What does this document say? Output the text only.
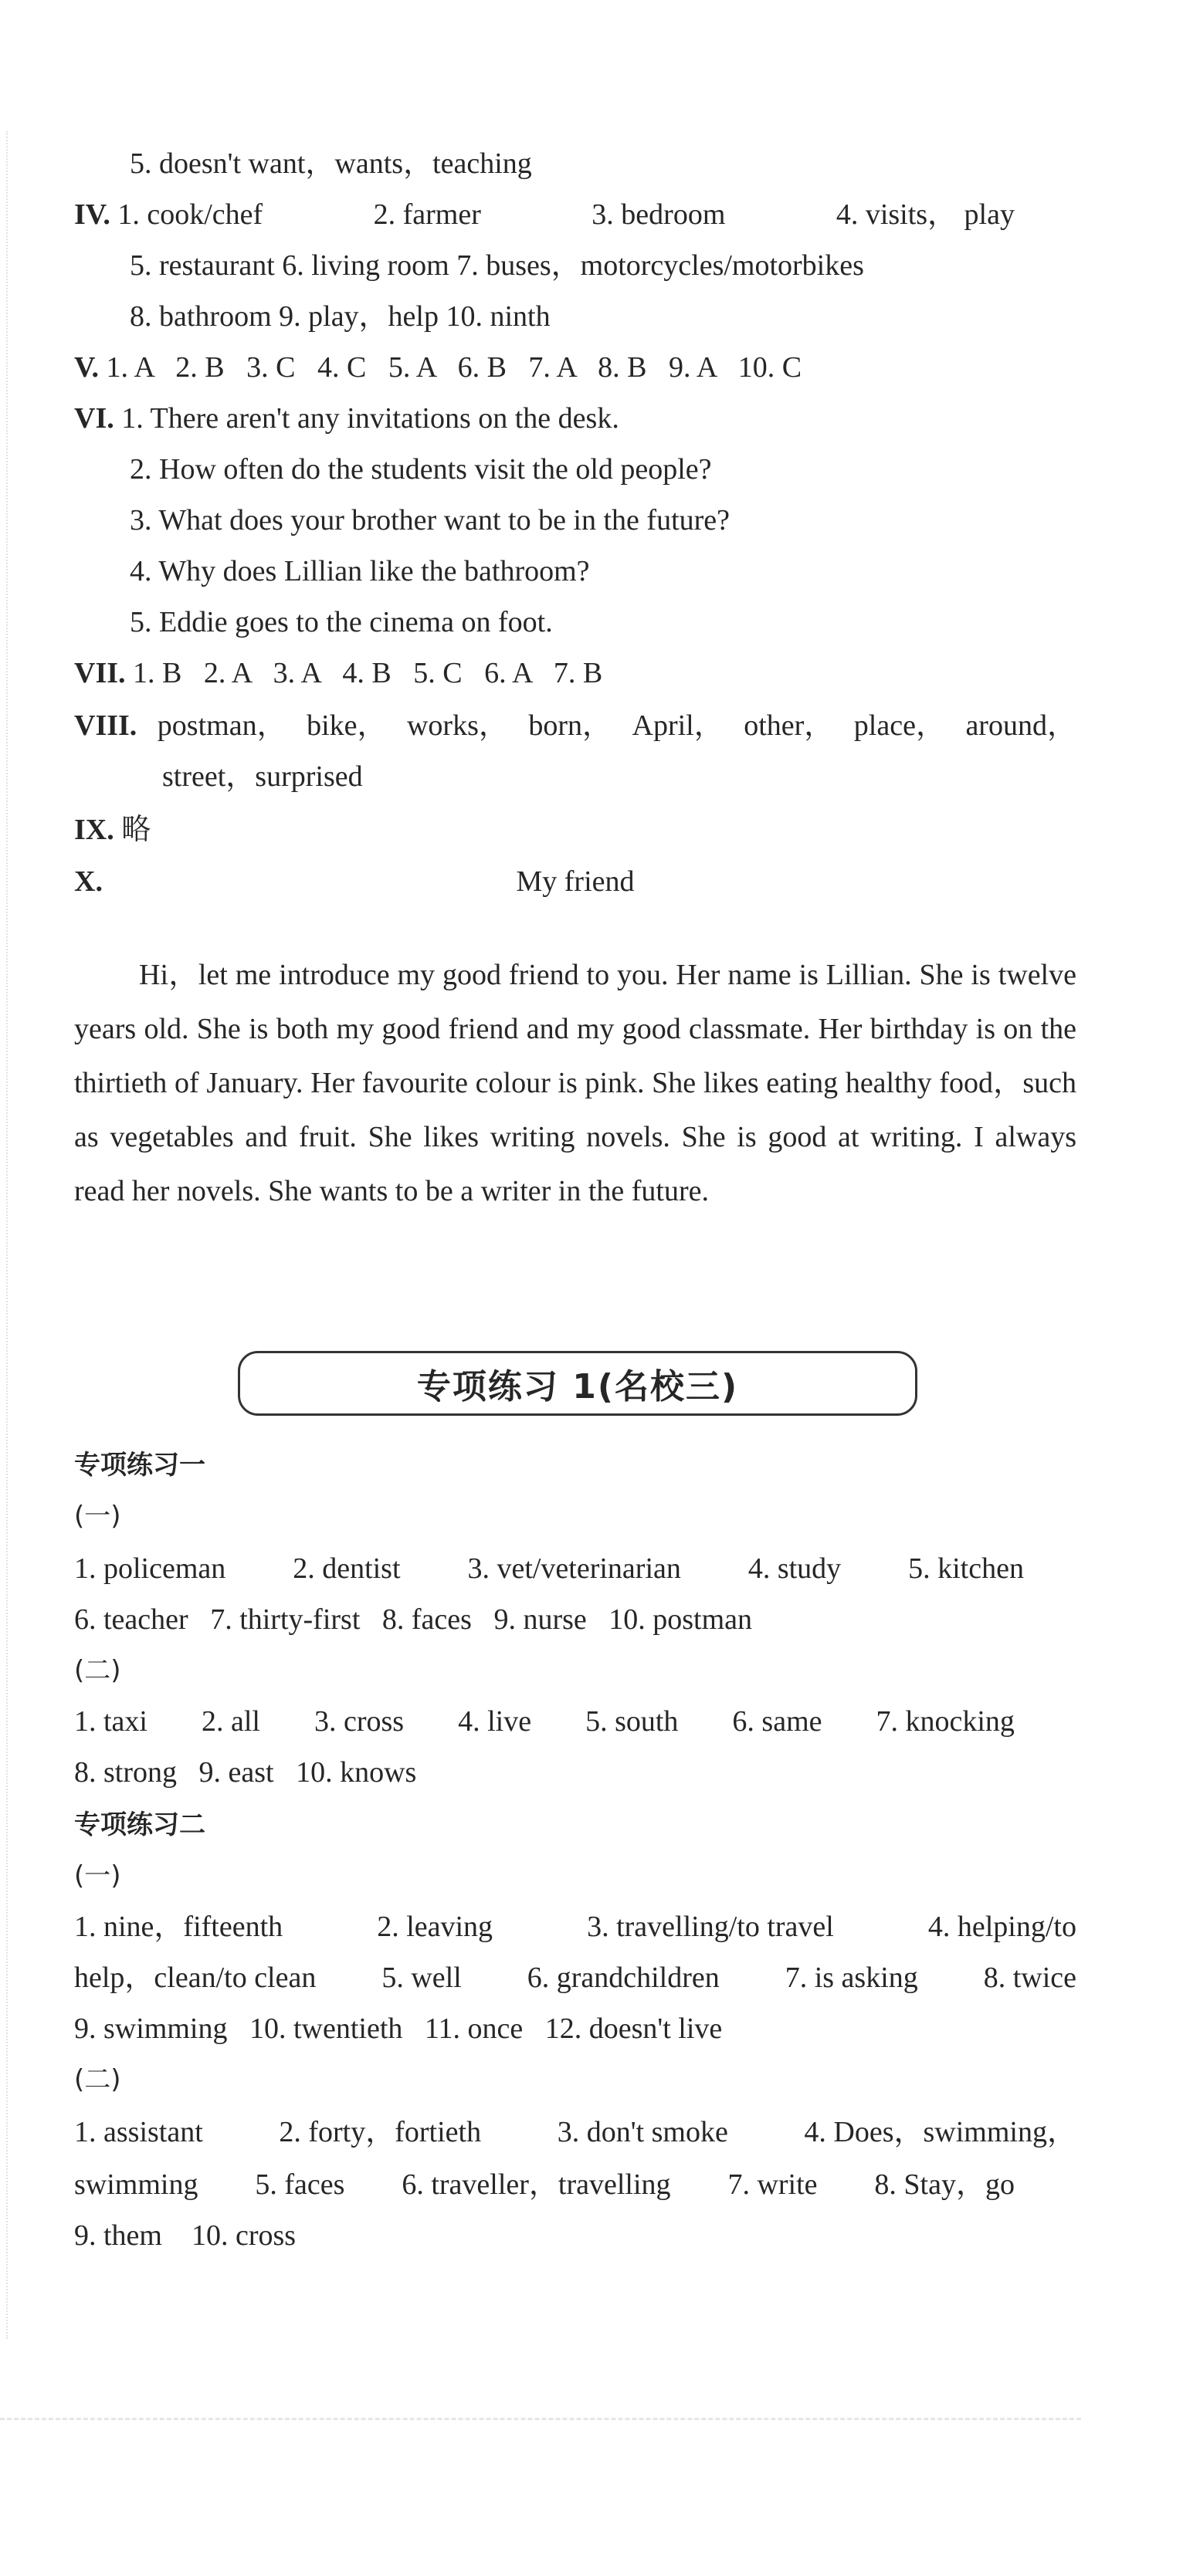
5. doesn't want，wants，teaching
IV. 1. cook/chef	2. farmer	3. bedroom	4. visits， play
5. restaurant 6. living room 7. buses，motorcycles/motorbikes
8. bathroom 9. play，help 10. ninth
V. 1. A   2. B   3. C   4. C   5. A   6. B   7. A   8. B   9. A   10. C
VI. 1. There aren't any invitations on the desk.
2. How often do the students visit the old people?
3. What does your brother want to be in the future?
4. Why does Lillian like the bathroom?
5. Eddie goes to the cinema on foot.
VII. 1. B   2. A   3. A   4. B   5. C   6. A   7. B
VIII. postman， bike， works， born， April， other， place， around，
street，surprised
IX. 略
X.	My friend
Hi，let me introduce my good friend to you. Her name is Lillian. She is twelve years old. She is both my good friend and my good classmate. Her birthday is on the thirtieth of January. Her favourite colour is pink. She likes eating healthy food，such as vegetables and fruit. She likes writing novels. She is good at writing. I always read her novels. She wants to be a writer in the future.
专项练习 1(名校三)
专项练习一
(一)
1. policeman 2. dentist 3. vet/veterinarian 4. study 5. kitchen
6. teacher 7. thirty-first 8. faces 9. nurse 10. postman
(二)
1. taxi 2. all 3. cross 4. live 5. south 6. same 7. knocking
8. strong 9. east 10. knows
专项练习二
(一)
1. nine，fifteenth	2. leaving	3. travelling/to travel	4. helping/to
help，clean/to clean 5. well 6. grandchildren 7. is asking 8. twice
9. swimming 10. twentieth 11. once 12. doesn't live
(二)
1. assistant	2. forty，fortieth	3. don't smoke	4. Does，swimming，
swimming 5. faces 6. traveller，travelling 7. write 8. Stay，go
9. them 10. cross
